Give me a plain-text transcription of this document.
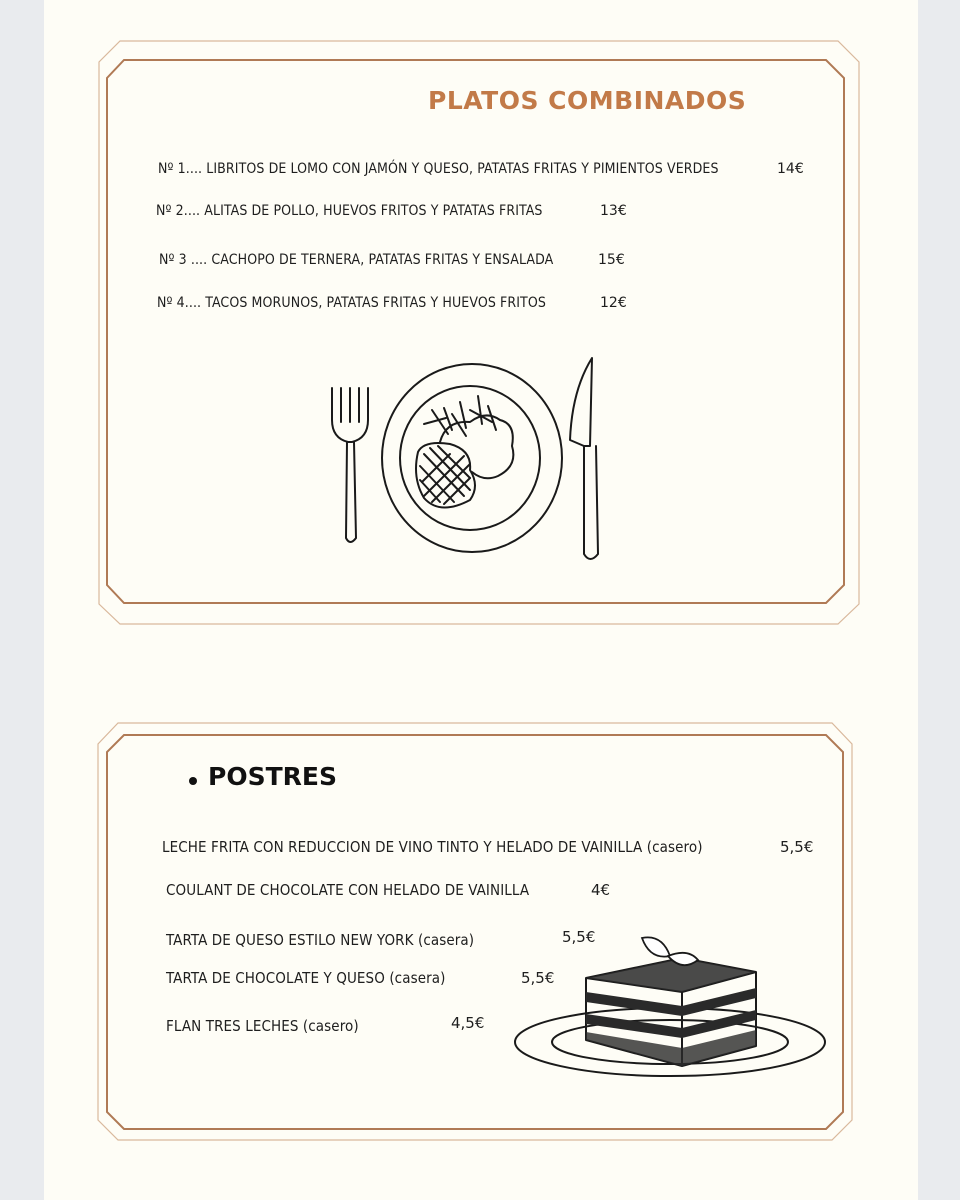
PLATOS COMBINADOS
Nº 1.... LIBRITOS DE LOMO CON JAMÓN Y QUESO, PATATAS FRITAS Y PIMIENTOS VERDES	14€
Nº 2.... ALITAS DE POLLO, HUEVOS FRITOS Y PATATAS FRITAS	13€
Nº 3 .... CACHOPO DE TERNERA, PATATAS FRITAS Y ENSALADA	15€
Nº 4.... TACOS MORUNOS, PATATAS FRITAS Y HUEVOS FRITOS	12€
POSTRES
LECHE FRITA CON REDUCCION DE VINO TINTO Y HELADO DE VAINILLA (casero)	5,5€
COULANT DE CHOCOLATE CON HELADO DE VAINILLA	4€
TARTA DE QUESO ESTILO NEW YORK (casera)	5,5€
TARTA DE CHOCOLATE Y QUESO (casera)	5,5€
FLAN TRES LECHES (casero)	4,5€
